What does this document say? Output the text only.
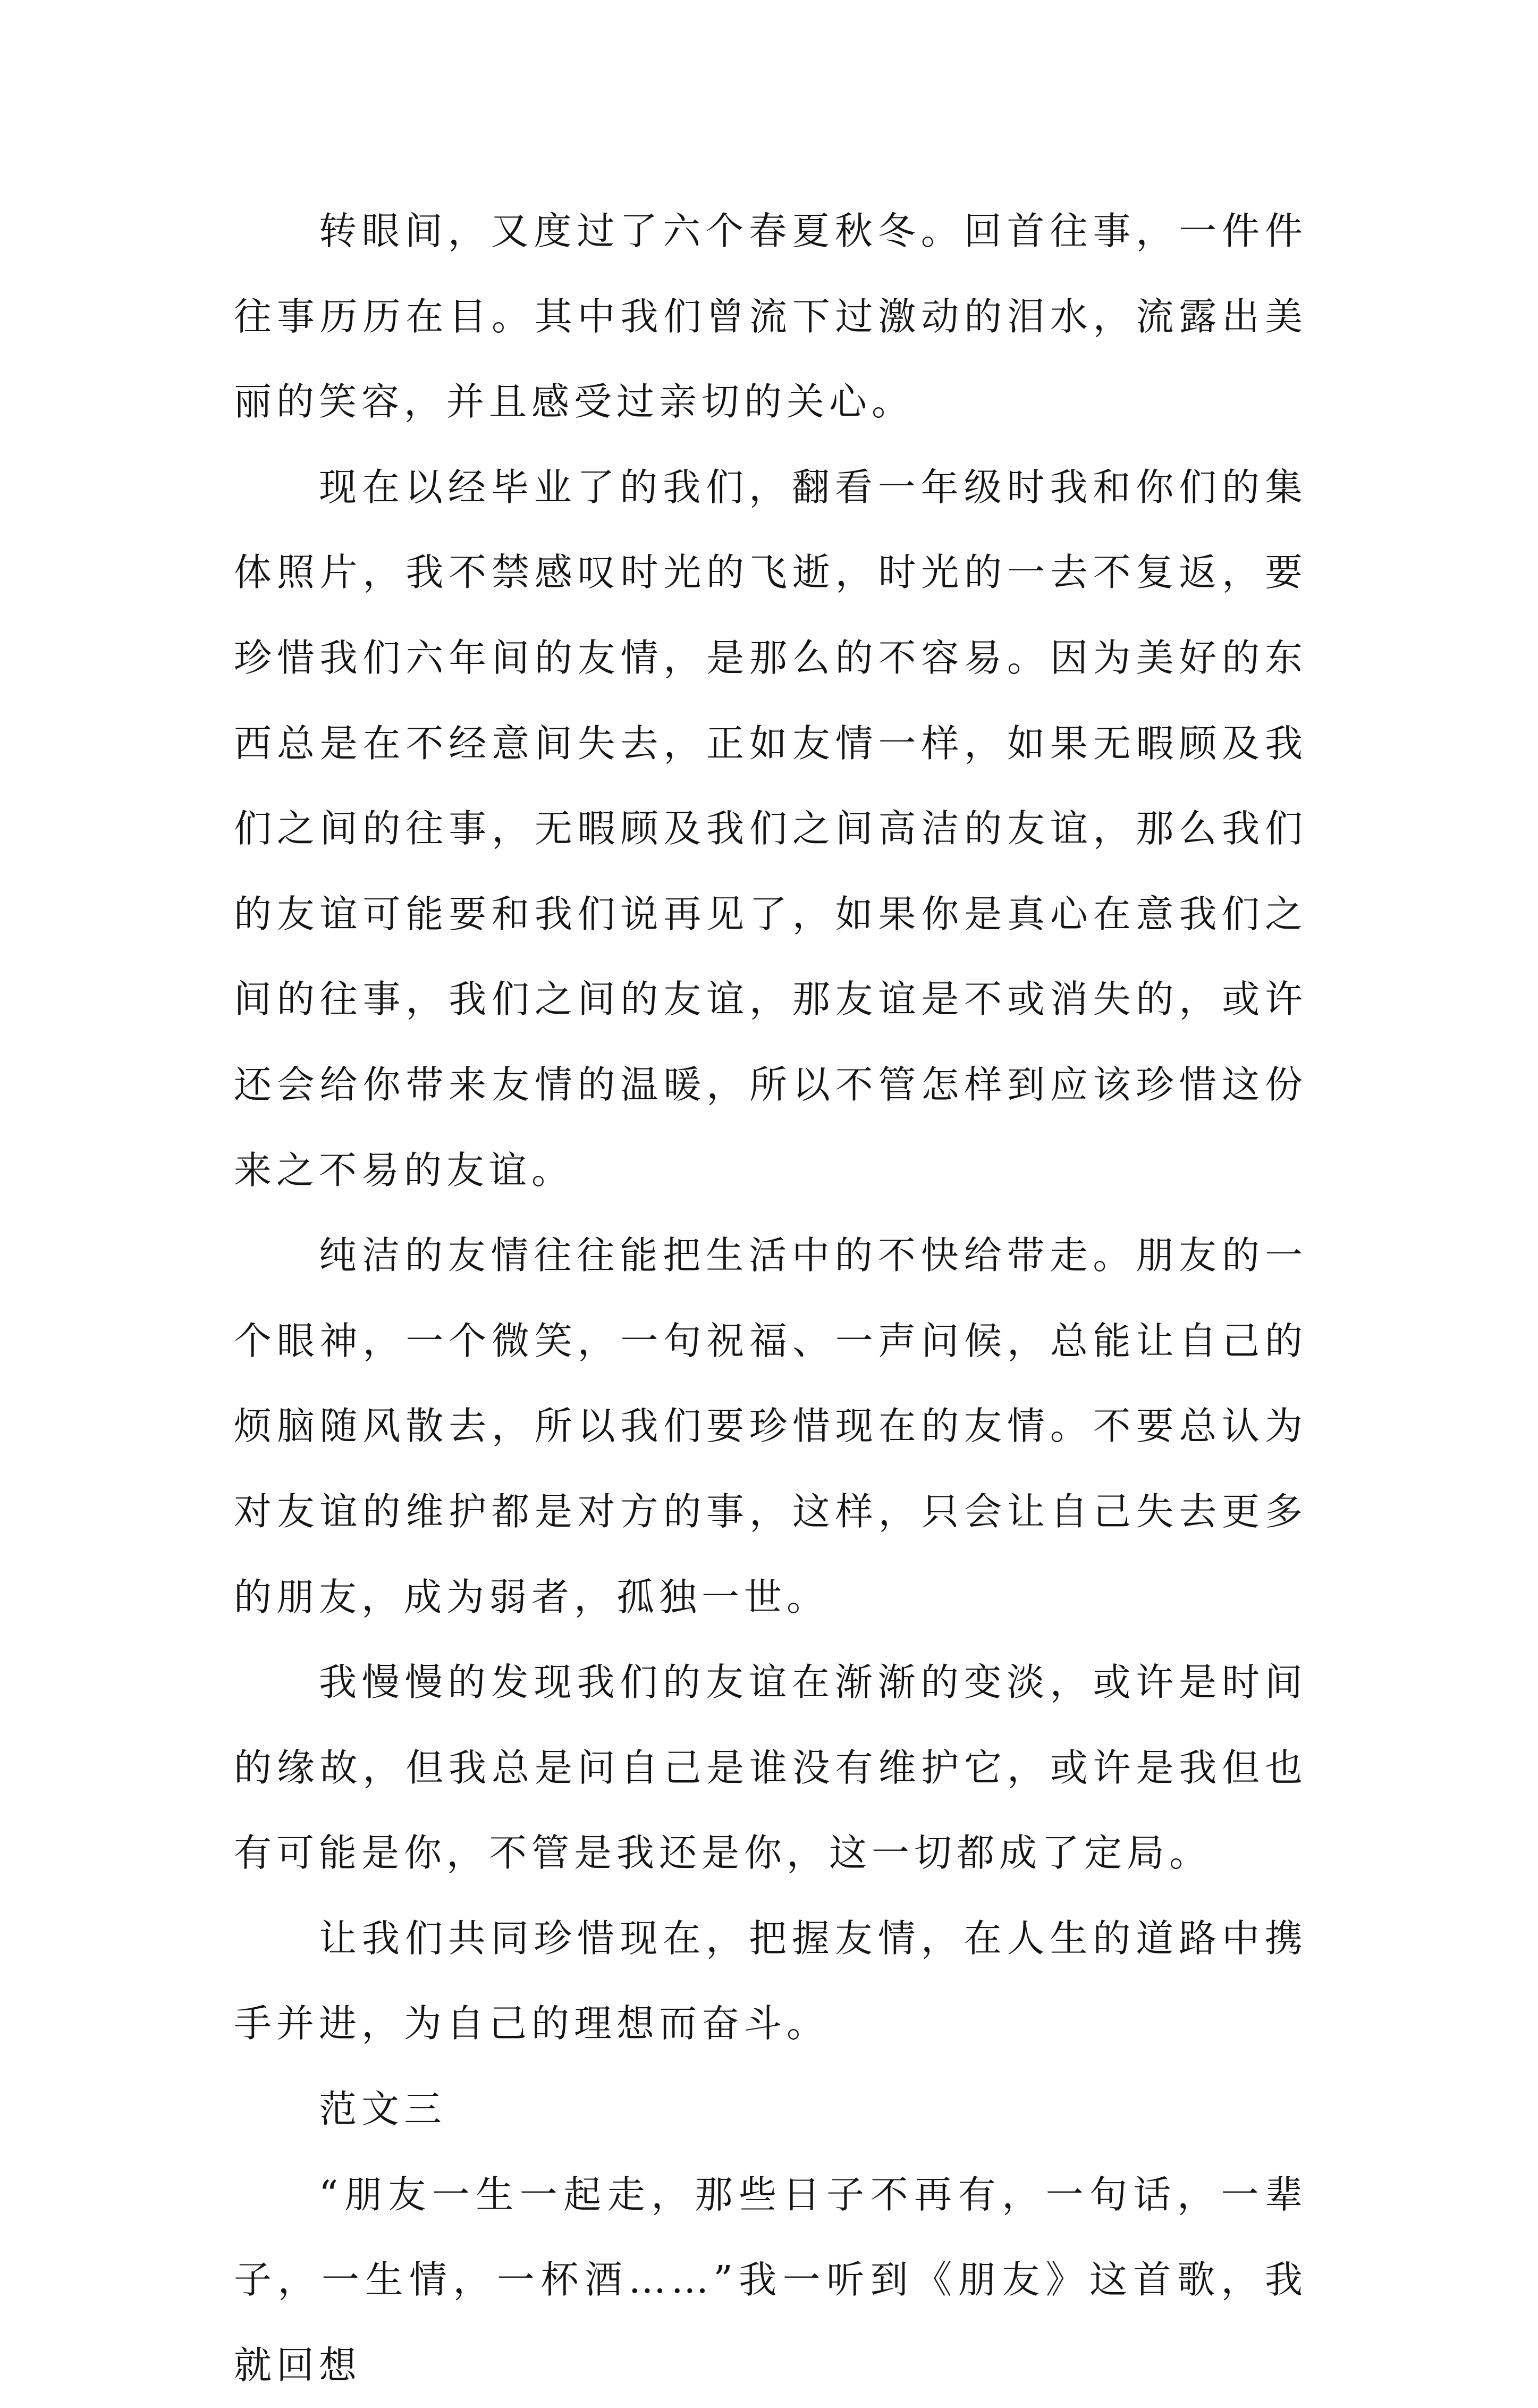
转眼间，又度过了六个春夏秋冬。回首往事，一件件往事历历在目。其中我们曾流下过激动的泪水，流露出美丽的笑容，并且感受过亲切的关心。

现在以经毕业了的我们，翻看一年级时我和你们的集体照片，我不禁感叹时光的飞逝，时光的一去不复返，要珍惜我们六年间的友情，是那么的不容易。因为美好的东西总是在不经意间失去，正如友情一样，如果无暇顾及我们之间的往事，无暇顾及我们之间高洁的友谊，那么我们的友谊可能要和我们说再见了，如果你是真心在意我们之间的往事，我们之间的友谊，那友谊是不或消失的，或许还会给你带来友情的温暖，所以不管怎样到应该珍惜这份来之不易的友谊。

纯洁的友情往往能把生活中的不快给带走。朋友的一个眼神，一个微笑，一句祝福、一声问候，总能让自己的烦脑随风散去，所以我们要珍惜现在的友情。不要总认为对友谊的维护都是对方的事，这样，只会让自己失去更多的朋友，成为弱者，孤独一世。

我慢慢的发现我们的友谊在渐渐的变淡，或许是时间的缘故，但我总是问自己是谁没有维护它，或许是我但也有可能是你，不管是我还是你，这一切都成了定局。

让我们共同珍惜现在，把握友情，在人生的道路中携手并进，为自己的理想而奋斗。

范文三

“朋友一生一起走，那些日子不再有，一句话，一辈子，一生情，一杯酒……”我一听到《朋友》这首歌，我就回想
